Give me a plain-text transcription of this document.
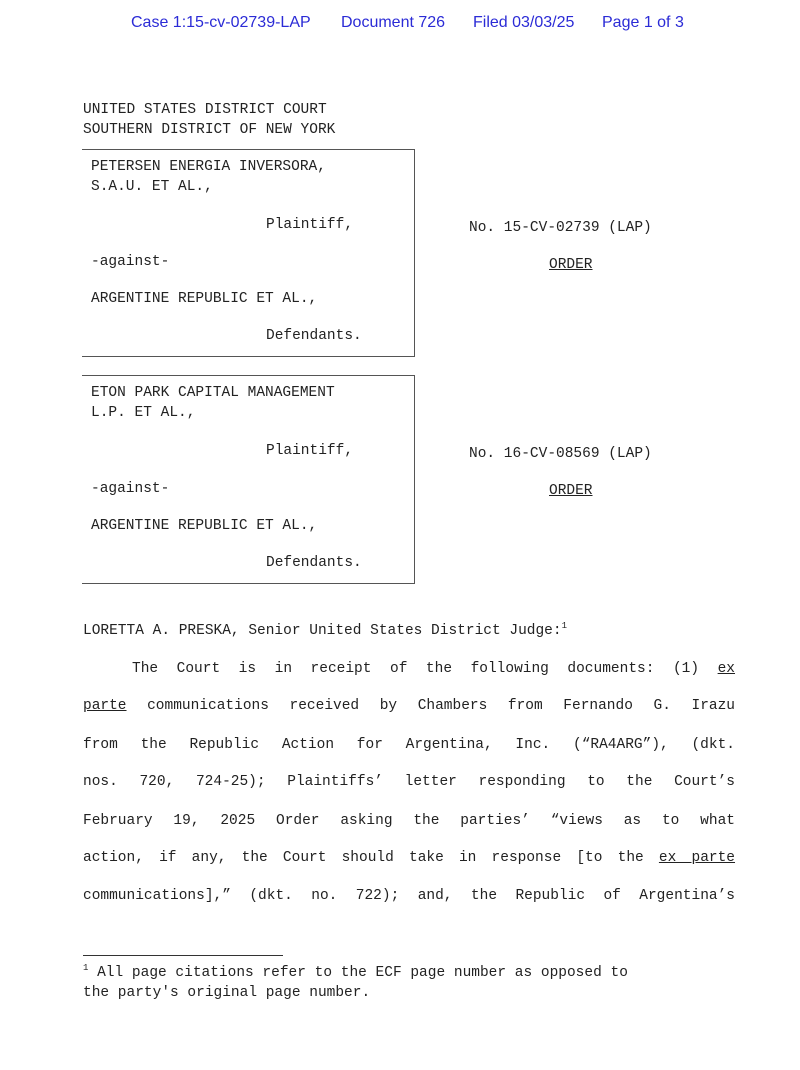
Case 1:15-cv-02739-LAP Document 726 Filed 03/03/25 Page 1 of 3
UNITED STATES DISTRICT COURT
SOUTHERN DISTRICT OF NEW YORK
PETERSEN ENERGIA INVERSORA,
S.A.U. ET AL.,
Plaintiff,
-against-
ARGENTINE REPUBLIC ET AL.,
Defendants.
No. 15-CV-02739 (LAP)
ORDER
ETON PARK CAPITAL MANAGEMENT
L.P. ET AL.,
Plaintiff,
-against-
ARGENTINE REPUBLIC ET AL.,
Defendants.
No. 16-CV-08569 (LAP)
ORDER
LORETTA A. PRESKA, Senior United States District Judge:$^1$
The Court is in receipt of the following documents: (1) ex
parte communications received by Chambers from Fernando G. Irazu
from the Republic Action for Argentina, Inc. (“RA4ARG”), (dkt.
nos. 720, 724-25); Plaintiffs’ letter responding to the Court’s
February 19, 2025 Order asking the parties’ “views as to what
action, if any, the Court should take in response [to the ex parte
communications],” (dkt. no. 722); and, the Republic of Argentina’s
$^1$ All page citations refer to the ECF page number as opposed to
the party's original page number.
